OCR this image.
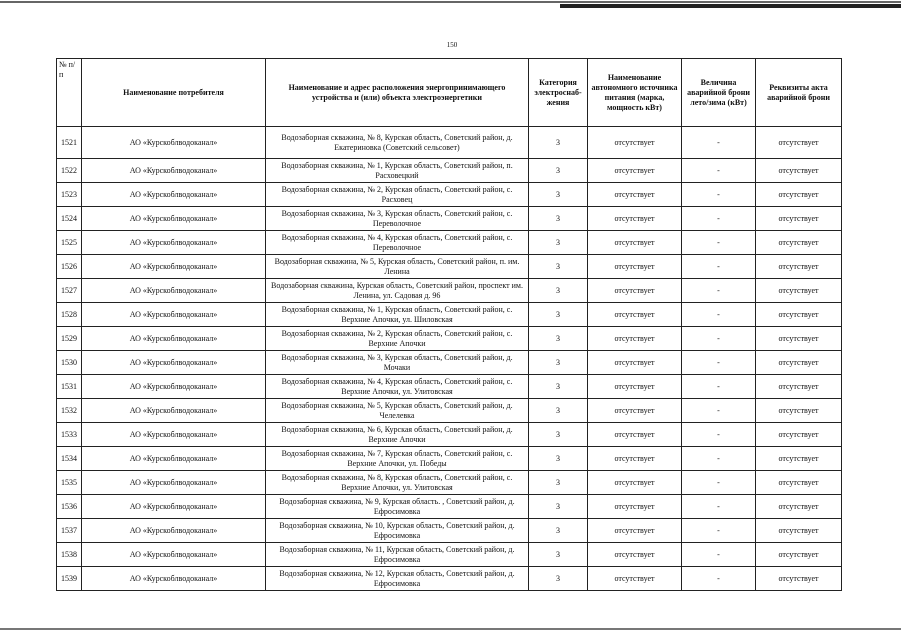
150
№ п/п	Наименование потребителя	Наименование и адрес расположения энергопринимающего устройства и (или) объекта электроэнергетики	Категория электроснаб-жения	Наименование автономного источника питания (марка, мощность кВт)	Величина аварийной брони лето/зима (кВт)	Реквизиты акта аварийной брони
1521	АО «Курскоблводоканал»	Водозаборная скважина, № 8, Курская область, Советский район, д. Екатериновка (Советский сельсовет)	3	отсутствует	-	отсутствует
1522	АО «Курскоблводоканал»	Водозаборная скважина, № 1, Курская область, Советский район, п. Расховецкий	3	отсутствует	-	отсутствует
1523	АО «Курскоблводоканал»	Водозаборная скважина, № 2, Курская область, Советский район, с. Расховец	3	отсутствует	-	отсутствует
1524	АО «Курскоблводоканал»	Водозаборная скважина, № 3, Курская область, Советский район, с. Переволочное	3	отсутствует	-	отсутствует
1525	АО «Курскоблводоканал»	Водозаборная скважина, № 4, Курская область, Советский район, с. Переволочное	3	отсутствует	-	отсутствует
1526	АО «Курскоблводоканал»	Водозаборная скважина, № 5, Курская область, Советский район, п. им. Ленина	3	отсутствует	-	отсутствует
1527	АО «Курскоблводоканал»	Водозаборная скважина, Курская область, Советский район, проспект им. Ленина, ул. Садовая д. 96	3	отсутствует	-	отсутствует
1528	АО «Курскоблводоканал»	Водозаборная скважина, № 1, Курская область, Советский район, с. Верхние Апочки, ул. Шиловская	3	отсутствует	-	отсутствует
1529	АО «Курскоблводоканал»	Водозаборная скважина, № 2, Курская область, Советский район, с. Верхние Апочки	3	отсутствует	-	отсутствует
1530	АО «Курскоблводоканал»	Водозаборная скважина, № 3, Курская область, Советский район, д. Мочаки	3	отсутствует	-	отсутствует
1531	АО «Курскоблводоканал»	Водозаборная скважина, № 4, Курская область, Советский район, с. Верхние Апочки, ул. Улитовская	3	отсутствует	-	отсутствует
1532	АО «Курскоблводоканал»	Водозаборная скважина, № 5, Курская область, Советский район, д. Челелевка	3	отсутствует	-	отсутствует
1533	АО «Курскоблводоканал»	Водозаборная скважина, № 6, Курская область, Советский район, д. Верхние Апочки	3	отсутствует	-	отсутствует
1534	АО «Курскоблводоканал»	Водозаборная скважина, № 7, Курская область, Советский район, с. Верхние Апочки, ул. Победы	3	отсутствует	-	отсутствует
1535	АО «Курскоблводоканал»	Водозаборная скважина, № 8, Курская область, Советский район, с. Верхние Апочки, ул. Улитовская	3	отсутствует	-	отсутствует
1536	АО «Курскоблводоканал»	Водозаборная скважина, № 9, Курская область. , Советский район, д. Ефросимовка	3	отсутствует	-	отсутствует
1537	АО «Курскоблводоканал»	Водозаборная скважина, № 10, Курская область, Советский район, д. Ефросимовка	3	отсутствует	-	отсутствует
1538	АО «Курскоблводоканал»	Водозаборная скважина, № 11, Курская область, Советский район, д. Ефросимовка	3	отсутствует	-	отсутствует
1539	АО «Курскоблводоканал»	Водозаборная скважина, № 12, Курская область, Советский район, д. Ефросимовка	3	отсутствует	-	отсутствует
